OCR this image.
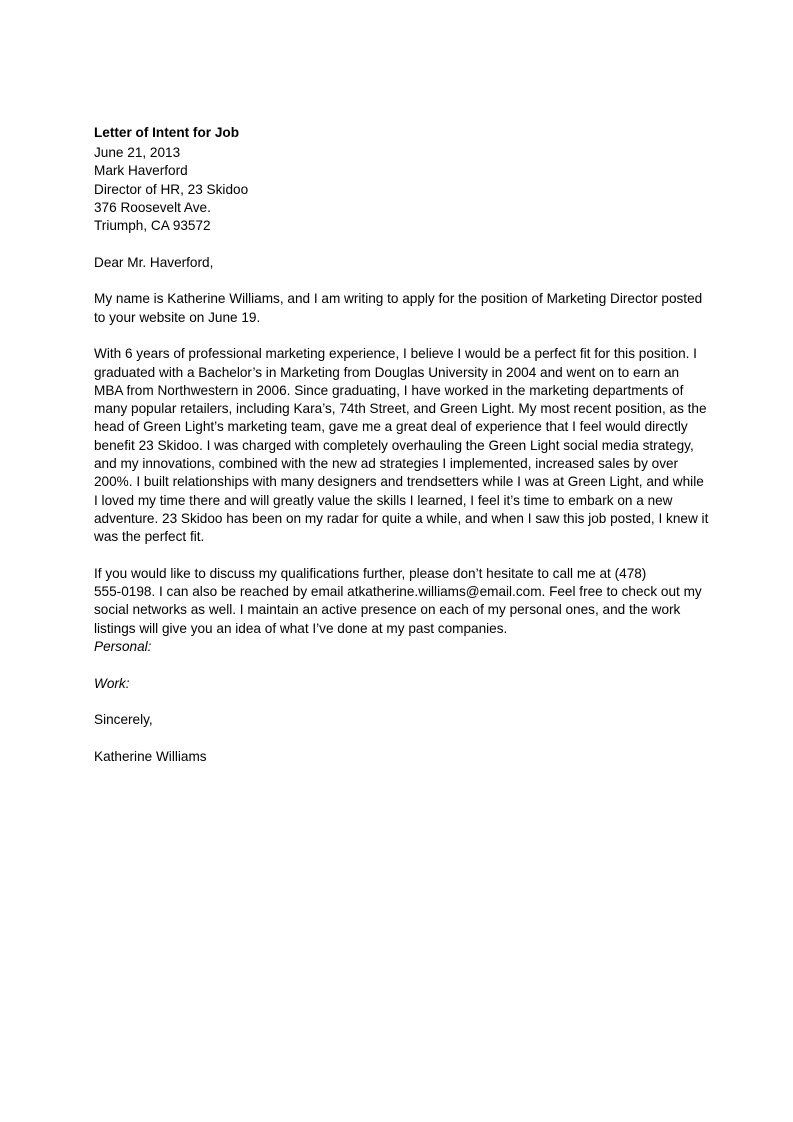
Letter of Intent for Job
June 21, 2013
Mark Haverford
Director of HR, 23 Skidoo
376 Roosevelt Ave.
Triumph, CA 93572
Dear Mr. Haverford,
My name is Katherine Williams, and I am writing to apply for the position of Marketing Director posted
to your website on June 19.
With 6 years of professional marketing experience, I believe I would be a perfect fit for this position. I
graduated with a Bachelor’s in Marketing from Douglas University in 2004 and went on to earn an
MBA from Northwestern in 2006. Since graduating, I have worked in the marketing departments of
many popular retailers, including Kara’s, 74th Street, and Green Light. My most recent position, as the
head of Green Light’s marketing team, gave me a great deal of experience that I feel would directly
benefit 23 Skidoo. I was charged with completely overhauling the Green Light social media strategy,
and my innovations, combined with the new ad strategies I implemented, increased sales by over
200%. I built relationships with many designers and trendsetters while I was at Green Light, and while
I loved my time there and will greatly value the skills I learned, I feel it’s time to embark on a new
adventure. 23 Skidoo has been on my radar for quite a while, and when I saw this job posted, I knew it
was the perfect fit.
If you would like to discuss my qualifications further, please don’t hesitate to call me at (478)
555-0198. I can also be reached by email atkatherine.williams@email.com. Feel free to check out my
social networks as well. I maintain an active presence on each of my personal ones, and the work
listings will give you an idea of what I’ve done at my past companies.
Personal:
Work:
Sincerely,
Katherine Williams
